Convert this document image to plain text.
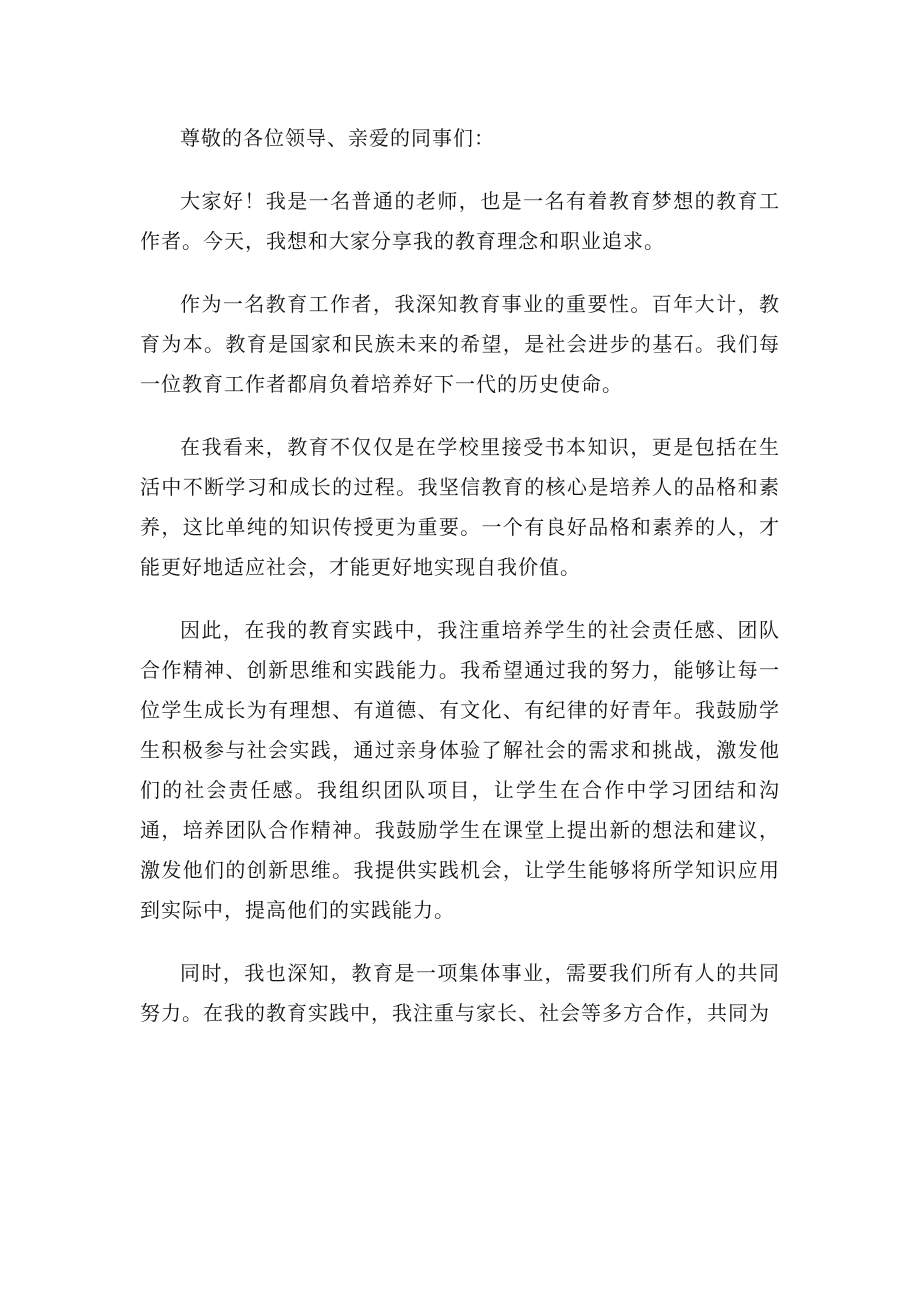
尊敬的各位领导、亲爱的同事们：

大家好！我是一名普通的老师，也是一名有着教育梦想的教育工作者。今天，我想和大家分享我的教育理念和职业追求。

作为一名教育工作者，我深知教育事业的重要性。百年大计，教育为本。教育是国家和民族未来的希望，是社会进步的基石。我们每一位教育工作者都肩负着培养好下一代的历史使命。

在我看来，教育不仅仅是在学校里接受书本知识，更是包括在生活中不断学习和成长的过程。我坚信教育的核心是培养人的品格和素养，这比单纯的知识传授更为重要。一个有良好品格和素养的人，才能更好地适应社会，才能更好地实现自我价值。

因此，在我的教育实践中，我注重培养学生的社会责任感、团队合作精神、创新思维和实践能力。我希望通过我的努力，能够让每一位学生成长为有理想、有道德、有文化、有纪律的好青年。我鼓励学生积极参与社会实践，通过亲身体验了解社会的需求和挑战，激发他们的社会责任感。我组织团队项目，让学生在合作中学习团结和沟通，培养团队合作精神。我鼓励学生在课堂上提出新的想法和建议，激发他们的创新思维。我提供实践机会，让学生能够将所学知识应用到实际中，提高他们的实践能力。

同时，我也深知，教育是一项集体事业，需要我们所有人的共同努力。在我的教育实践中，我注重与家长、社会等多方合作，共同为
